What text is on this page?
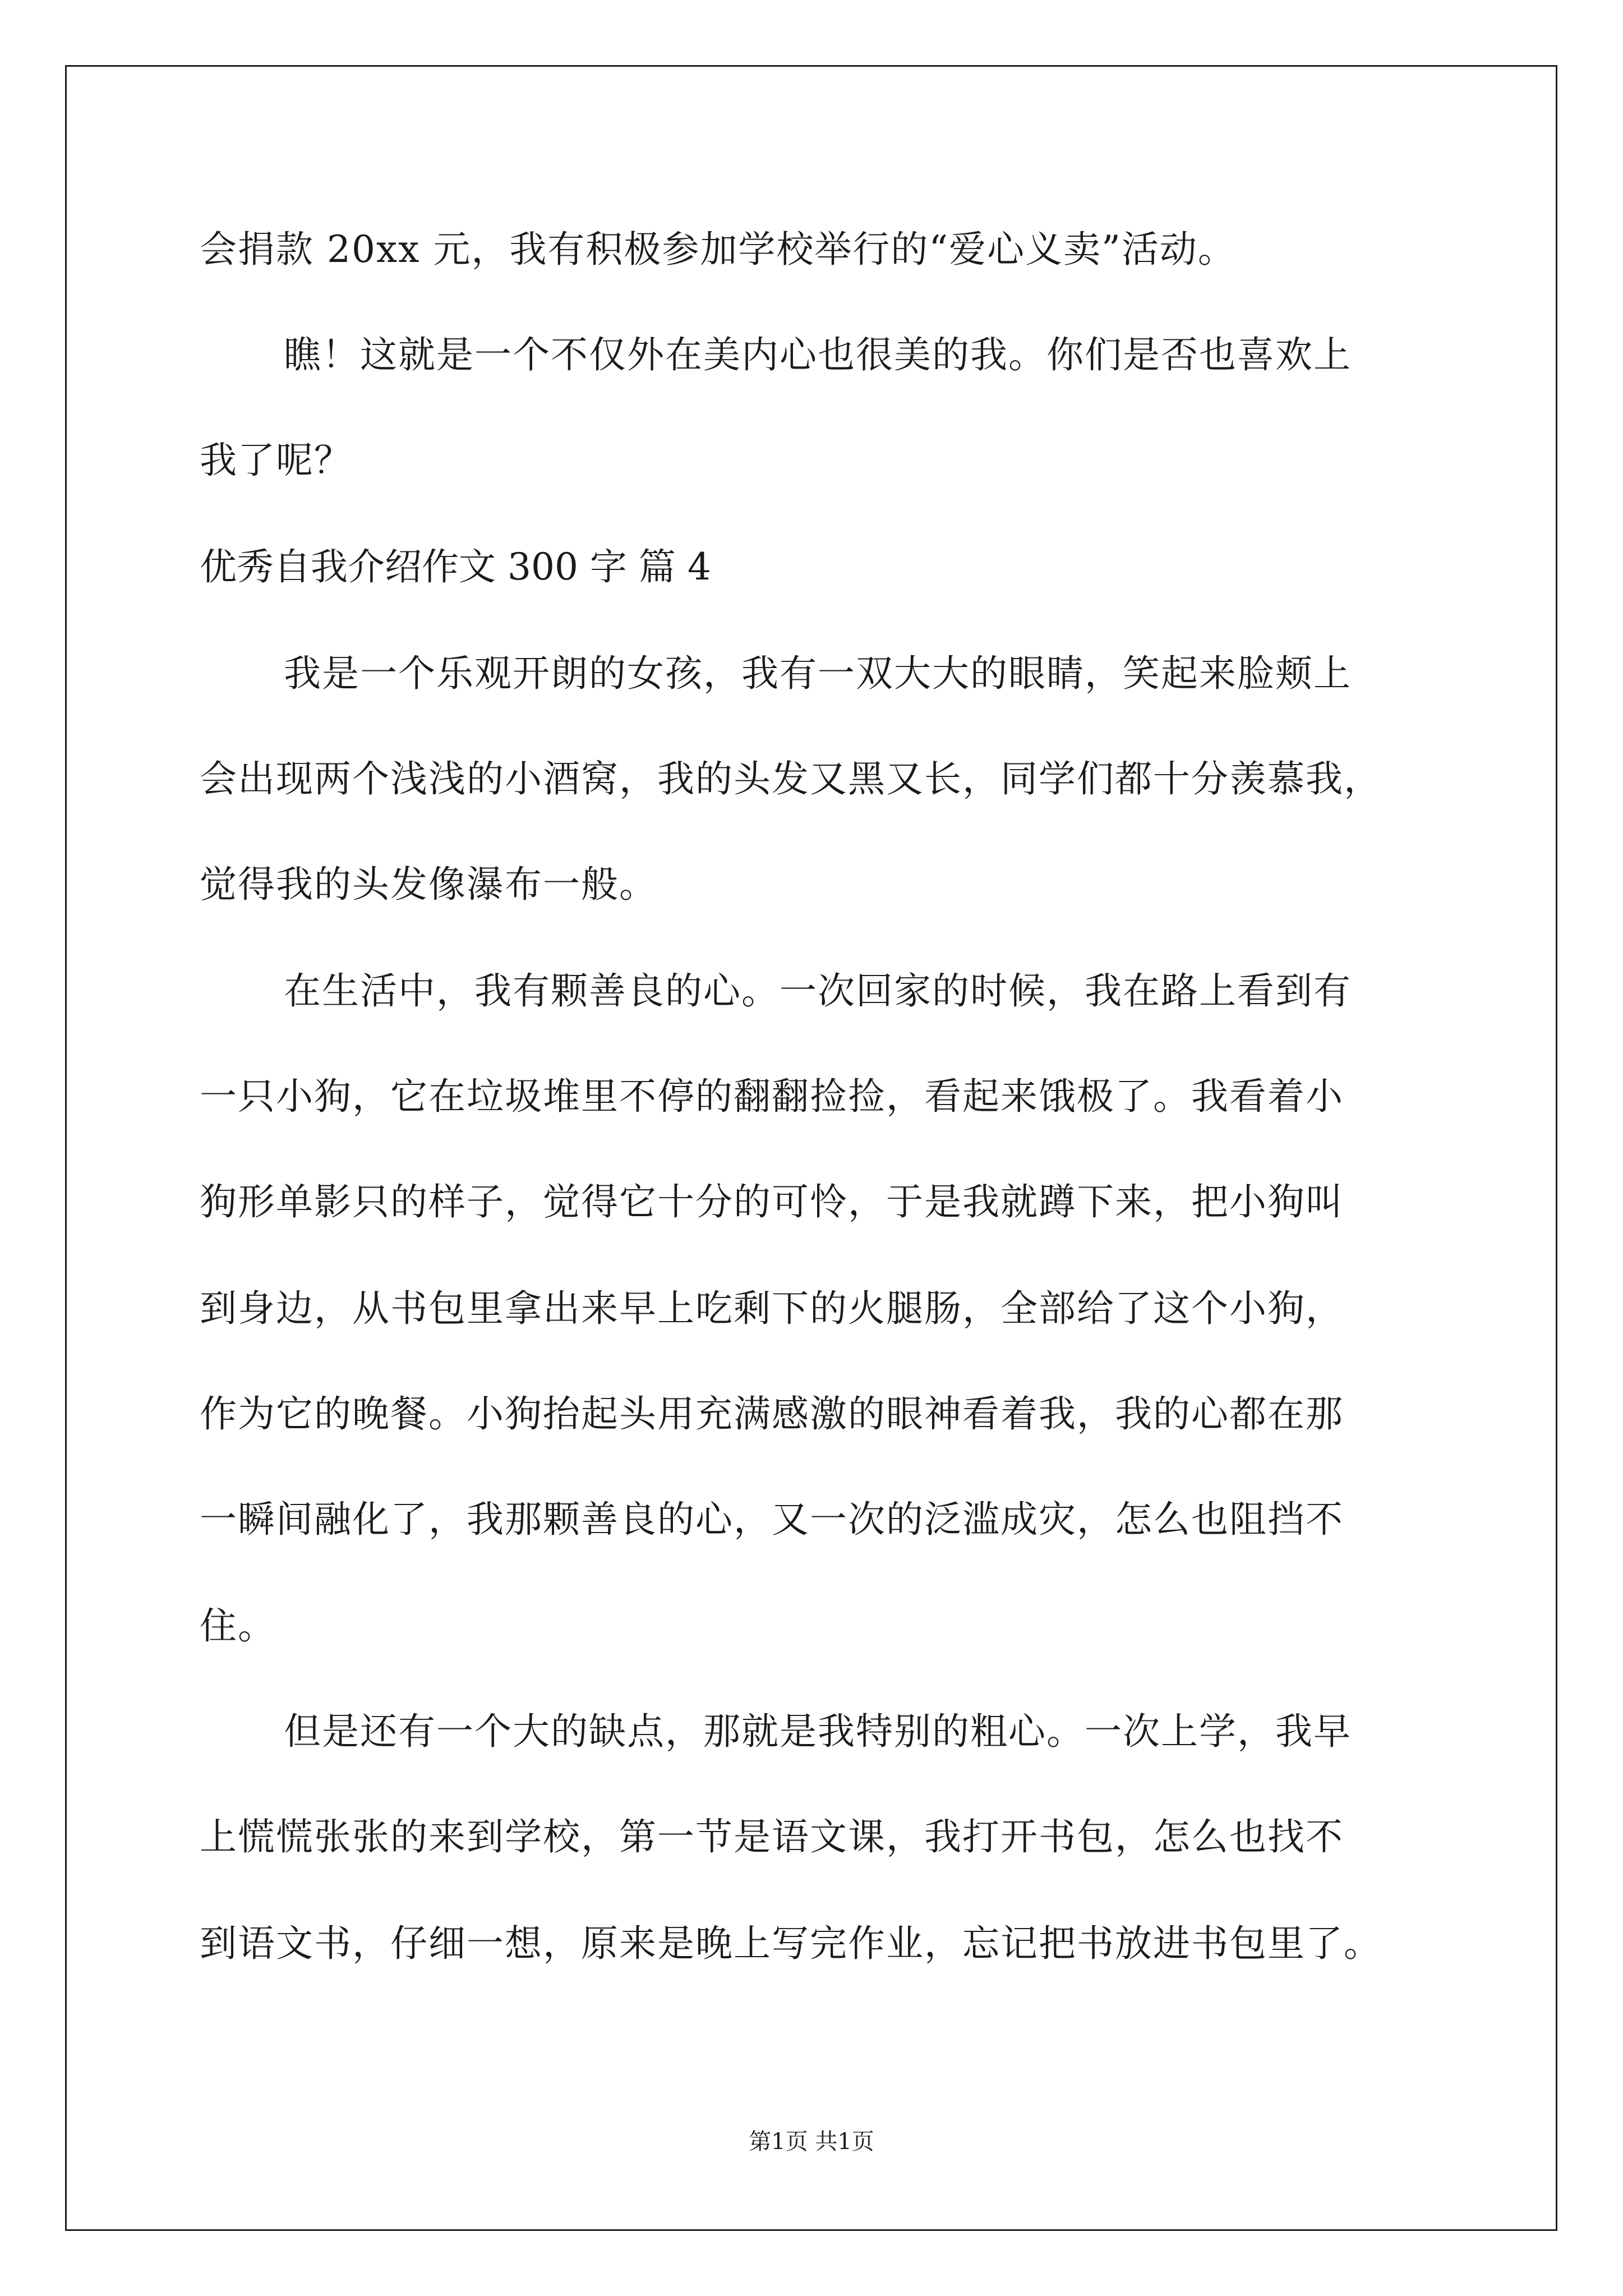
会捐款 20xx 元，我有积极参加学校举行的“爱心义卖”活动。
瞧！这就是一个不仅外在美内心也很美的我。你们是否也喜欢上
我了呢？
优秀自我介绍作文 300 字 篇 4
我是一个乐观开朗的女孩，我有一双大大的眼睛，笑起来脸颊上
会出现两个浅浅的小酒窝，我的头发又黑又长，同学们都十分羡慕我，
觉得我的头发像瀑布一般。
在生活中，我有颗善良的心。一次回家的时候，我在路上看到有
一只小狗，它在垃圾堆里不停的翻翻捡捡，看起来饿极了。我看着小
狗形单影只的样子，觉得它十分的可怜，于是我就蹲下来，把小狗叫
到身边，从书包里拿出来早上吃剩下的火腿肠，全部给了这个小狗，
作为它的晚餐。小狗抬起头用充满感激的眼神看着我，我的心都在那
一瞬间融化了，我那颗善良的心，又一次的泛滥成灾，怎么也阻挡不
住。
但是还有一个大的缺点，那就是我特别的粗心。一次上学，我早
上慌慌张张的来到学校，第一节是语文课，我打开书包，怎么也找不
到语文书，仔细一想，原来是晚上写完作业，忘记把书放进书包里了。
第1页 共1页
